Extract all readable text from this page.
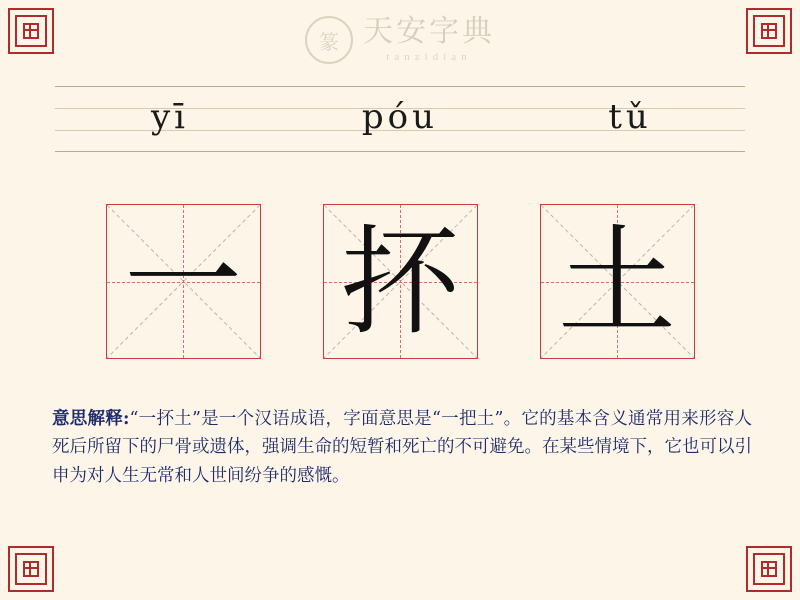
篆 天安字典
tanzidian
yī	póu	tǔ
一 抔 土
意思解释:“一抔土”是一个汉语成语，字面意思是“一把土”。它的基本含义通常用来形容人死后所留下的尸骨或遗体，强调生命的短暂和死亡的不可避免。在某些情境下，它也可以引申为对人生无常和人世间纷争的感慨。
